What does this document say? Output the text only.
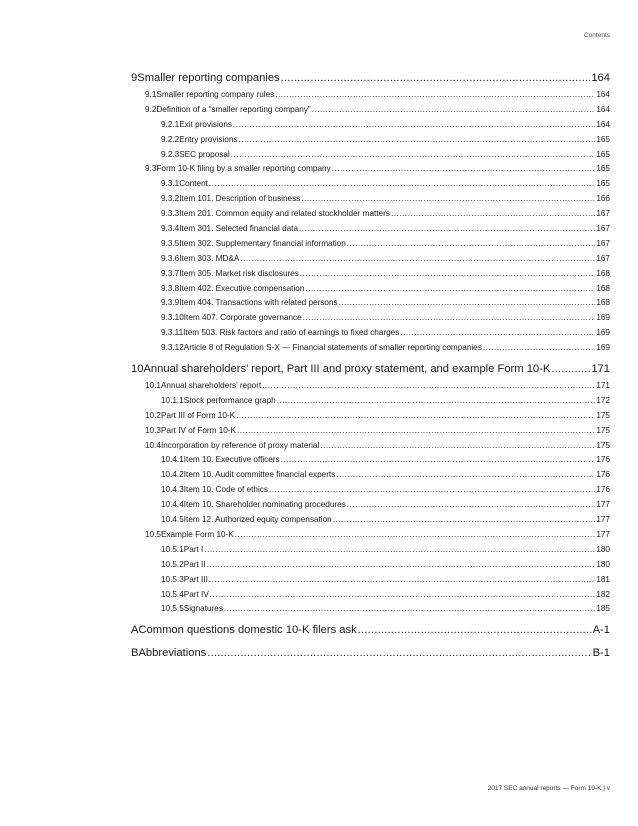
Contents
9 Smaller reporting companies .....	164
9.1 Smaller reporting company rules .....	164
9.2 Definition of a “smaller reporting company” .....	164
9.2.1 Exit provisions .....	164
9.2.2 Entry provisions .....	165
9.2.3 SEC proposal .....	165
9.3 Form 10-K filing by a smaller reporting company .....	165
9.3.1 Content .....	165
9.3.2 Item 101. Description of business .....	166
9.3.3 Item 201. Common equity and related stockholder matters .....	167
9.3.4 Item 301. Selected financial data .....	167
9.3.5 Item 302. Supplementary financial information .....	167
9.3.6 Item 303. MD&A .....	167
9.3.7 Item 305. Market risk disclosures .....	168
9.3.8 Item 402. Executive compensation .....	168
9.3.9 Item 404. Transactions with related persons .....	168
9.3.10 Item 407. Corporate governance .....	169
9.3.11 Item 503. Risk factors and ratio of earnings to fixed charges .....	169
9.3.12 Article 8 of Regulation S-X — Financial statements of smaller reporting companies .....	169
10 Annual shareholders’ report, Part III and proxy statement, and example Form 10-K .....	171
10.1 Annual shareholders’ report .....	171
10.1.1 Stock performance graph .....	172
10.2 Part III of Form 10-K .....	175
10.3 Part IV of Form 10-K .....	175
10.4 Incorporation by reference of proxy material .....	175
10.4.1 Item 10. Executive officers .....	176
10.4.2 Item 10. Audit committee financial experts .....	176
10.4.3 Item 10. Code of ethics .....	176
10.4.4 Item 10. Shareholder nominating procedures .....	177
10.4.5 Item 12. Authorized equity compensation .....	177
10.5 Example Form 10-K .....	177
10.5.1 Part I .....	180
10.5.2 Part II .....	180
10.5.3 Part III .....	181
10.5.4 Part IV .....	182
10.5.5 Signatures .....	185
A Common questions domestic 10-K filers ask .....	A-1
B Abbreviations .....	B-1
2017 SEC annual reports — Form 10-K | v
